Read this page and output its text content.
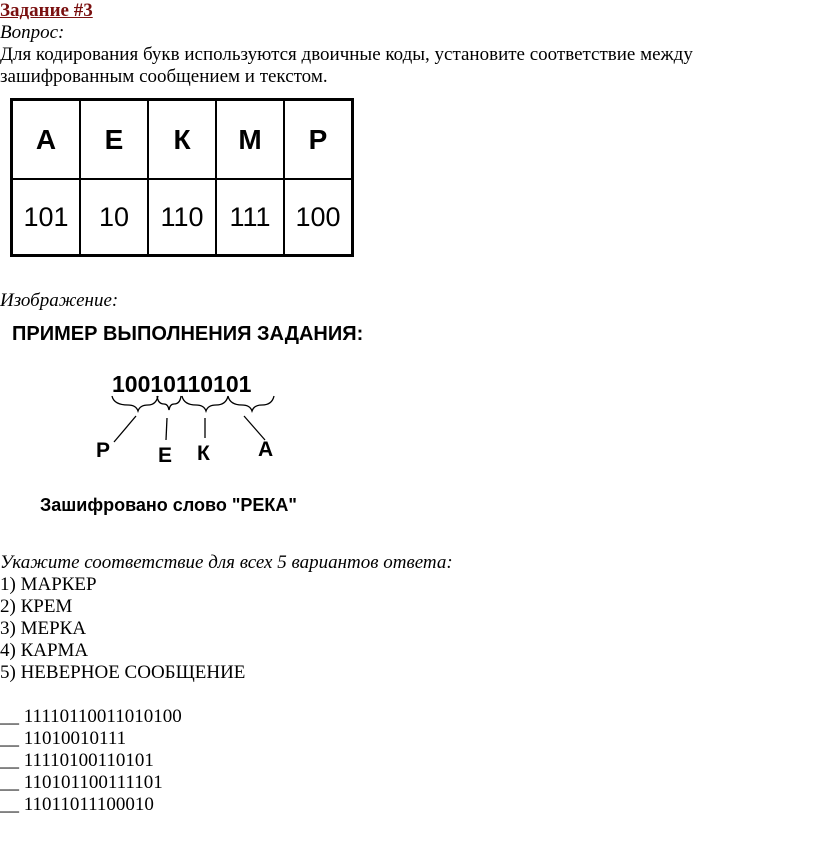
Задание #3
Вопрос:
Для кодирования букв используются двоичные коды, установите соответствие между зашифрованным сообщением и текстом.
А	Е	К	М	Р
101	10	110	111	100
Изображение:
ПРИМЕР ВЫПОЛНЕНИЯ ЗАДАНИЯ:
10010110101
Р Е К А
Зашифровано слово "РЕКА"
Укажите соответствие для всех 5 вариантов ответа:
1) МАРКЕР
2) КРЕМ
3) МЕРКА
4) КАРМА
5) НЕВЕРНОЕ СООБЩЕНИЕ
__ 11110110011010100
__ 11010010111
__ 11110100110101
__ 110101100111101
__ 11011011100010
